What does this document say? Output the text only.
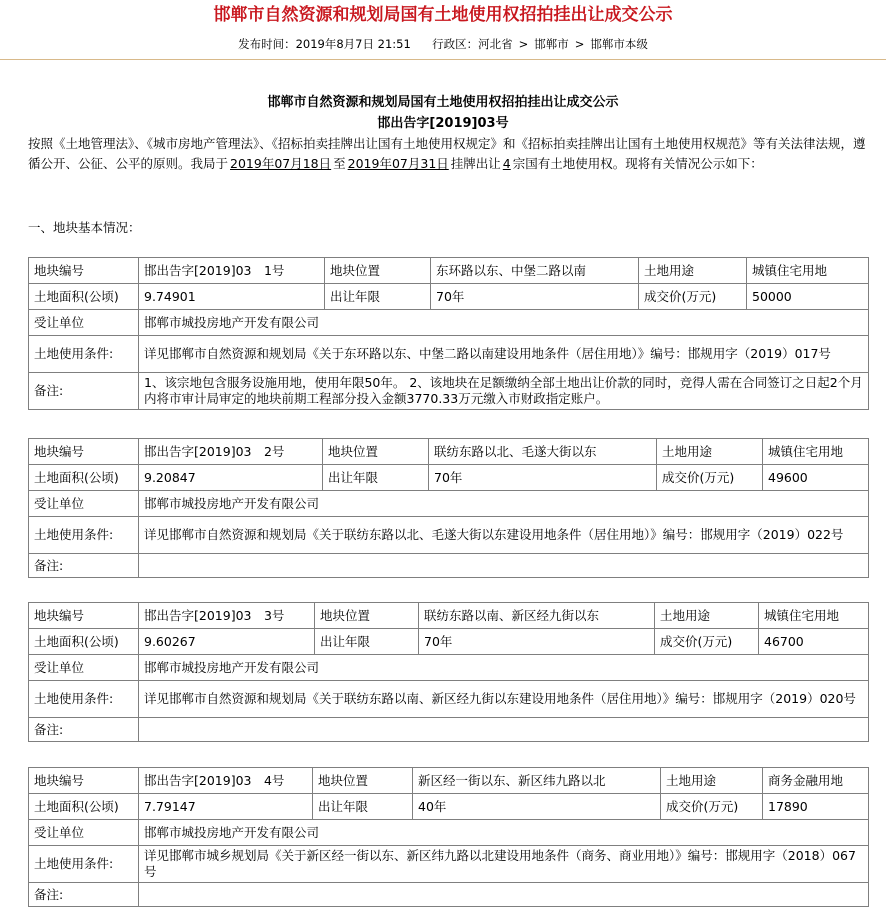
邯郸市自然资源和规划局国有土地使用权招拍挂出让成交公示
发布时间：2019年8月7日 21:51 行政区：河北省 > 邯郸市 > 邯郸市本级
邯郸市自然资源和规划局国有土地使用权招拍挂出让成交公示
邯出告字[2019]03号
按照《土地管理法》、《城市房地产管理法》、《招标拍卖挂牌出让国有土地使用权规定》和《招标拍卖挂牌出让国有土地使用权规范》等有关法律法规，遵循公开、公征、公平的原则。我局于 2019年07月18日 至 2019年07月31日 挂牌出让 4 宗国有土地使用权。现将有关情况公示如下：
一、地块基本情况：
地块编号	邯出告字[2019]03　1号	地块位置	东环路以东、中堡二路以南	土地用途	城镇住宅用地
土地面积(公顷)	9.74901	出让年限	70年	成交价(万元)	50000
受让单位	邯郸市城投房地产开发有限公司				
土地使用条件:	详见邯郸市自然资源和规划局《关于东环路以东、中堡二路以南建设用地条件（居住用地）》编号：邯规用字（2019）017号				
备注:	1、该宗地包含服务设施用地，使用年限50年。 2、该地块在足额缴纳全部土地出让价款的同时，竞得人需在合同签订之日起2个月内将市审计局审定的地块前期工程部分投入金额3770.33万元缴入市财政指定账户。				
地块编号	邯出告字[2019]03　2号	地块位置	联纺东路以北、毛遂大街以东	土地用途	城镇住宅用地
土地面积(公顷)	9.20847	出让年限	70年	成交价(万元)	49600
受让单位	邯郸市城投房地产开发有限公司				
土地使用条件:	详见邯郸市自然资源和规划局《关于联纺东路以北、毛遂大街以东建设用地条件（居住用地）》编号：邯规用字（2019）022号				
备注:					
地块编号	邯出告字[2019]03　3号	地块位置	联纺东路以南、新区经九街以东	土地用途	城镇住宅用地
土地面积(公顷)	9.60267	出让年限	70年	成交价(万元)	46700
受让单位	邯郸市城投房地产开发有限公司				
土地使用条件:	详见邯郸市自然资源和规划局《关于联纺东路以南、新区经九街以东建设用地条件（居住用地）》编号：邯规用字（2019）020号				
备注:					
地块编号	邯出告字[2019]03　4号	地块位置	新区经一街以东、新区纬九路以北	土地用途	商务金融用地
土地面积(公顷)	7.79147	出让年限	40年	成交价(万元)	17890
受让单位	邯郸市城投房地产开发有限公司				
土地使用条件:	详见邯郸市城乡规划局《关于新区经一街以东、新区纬九路以北建设用地条件（商务、商业用地）》编号：邯规用字（2018）067号				
备注:					
